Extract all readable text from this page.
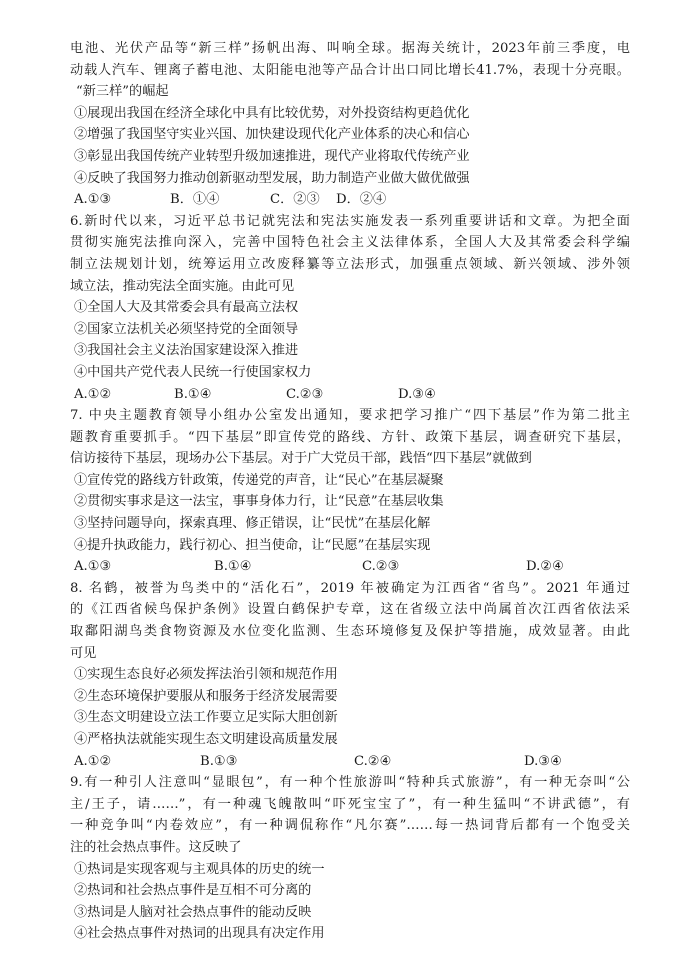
电池、光伏产品等“新三样”扬帆出海、叫响全球。据海关统计，2023年前三季度，电
动载人汽车、锂离子蓄电池、太阳能电池等产品合计出口同比增长41.7%，表现十分亮眼。
“新三样”的崛起
①展现出我国在经济全球化中具有比较优势，对外投资结构更趋优化
②增强了我国坚守实业兴国、加快建设现代化产业体系的决心和信心
③彰显出我国传统产业转型升级加速推进，现代产业将取代传统产业
④反映了我国努力推动创新驱动型发展，助力制造产业做大做优做强
A.①③	B．①④	C．②③	D．②④
6.新时代以来，习近平总书记就宪法和宪法实施发表一系列重要讲话和文章。为把全面
贯彻实施宪法推向深入，完善中国特色社会主义法律体系，全国人大及其常委会科学编
制立法规划计划，统筹运用立改废释纂等立法形式，加强重点领域、新兴领域、涉外领
域立法，推动宪法全面实施。由此可见
①全国人大及其常委会具有最高立法权
②国家立法机关必须坚持党的全面领导
③我国社会主义法治国家建设深入推进
④中国共产党代表人民统一行使国家权力
A.①②	B.①④	C.②③	D.③④
7. 中央主题教育领导小组办公室发出通知，要求把学习推广“四下基层”作为第二批主
题教育重要抓手。“四下基层”即宣传党的路线、方针、政策下基层，调查研究下基层，
信访接待下基层，现场办公下基层。对于广大党员干部，践悟“四下基层”就做到
①宣传党的路线方针政策，传递党的声音，让“民心”在基层凝聚
②贯彻实事求是这一法宝，事事身体力行，让“民意”在基层收集
③坚持问题导向，探索真理、修正错误，让“民忧”在基层化解
④提升执政能力，践行初心、担当使命，让“民愿”在基层实现
A.①③	B.①④	C.②③	D.②④
8. 名鹤，被誉为鸟类中的“活化石”，2019 年被确定为江西省“省鸟”。2021 年通过
的《江西省候鸟保护条例》设置白鹤保护专章，这在省级立法中尚属首次江西省依法采
取鄱阳湖鸟类食物资源及水位变化监测、生态环境修复及保护等措施，成效显著。由此
可见
①实现生态良好必须发挥法治引领和规范作用
②生态环境保护要服从和服务于经济发展需要
③生态文明建设立法工作要立足实际大胆创新
④严格执法就能实现生态文明建设高质量发展
A.①②	B.①③	C.②④	D.③④
9.有一种引人注意叫“显眼包”，有一种个性旅游叫“特种兵式旅游”，有一种无奈叫“公
主/王子，请……”，有一种魂飞魄散叫“吓死宝宝了”，有一种生猛叫“不讲武德”，有
一种竞争叫“内卷效应”，有一种调侃称作“凡尔赛”……每一热词背后都有一个饱受关
注的社会热点事件。这反映了
①热词是实现客观与主观具体的历史的统一
②热词和社会热点事件是互相不可分离的
③热词是人脑对社会热点事件的能动反映
④社会热点事件对热词的出现具有决定作用
